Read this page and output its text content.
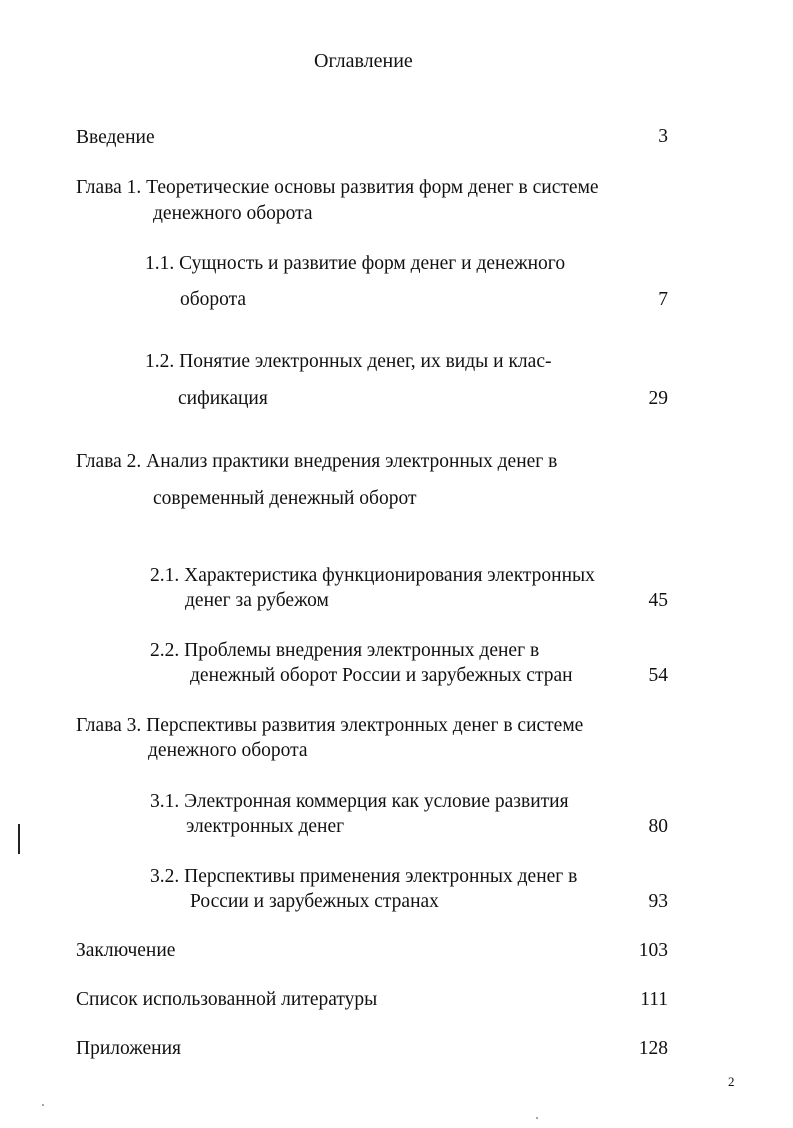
Оглавление
Введение	3
Глава 1. Теоретические основы развития форм денег в системе
денежного оборота
1.1. Сущность и развитие форм денег и денежного
оборота	7
1.2. Понятие электронных денег, их виды и клас-
сификация	29
Глава 2. Анализ практики внедрения электронных денег в
современный денежный оборот
2.1. Характеристика функционирования электронных
денег за рубежом	45
2.2. Проблемы внедрения электронных денег в
денежный оборот России и зарубежных стран	54
Глава 3. Перспективы развития электронных денег в системе
денежного оборота
3.1. Электронная коммерция как условие развития
электронных денег	80
3.2. Перспективы применения электронных денег в
России и зарубежных странах	93
Заключение	103
Список использованной литературы	111
Приложения	128
2
